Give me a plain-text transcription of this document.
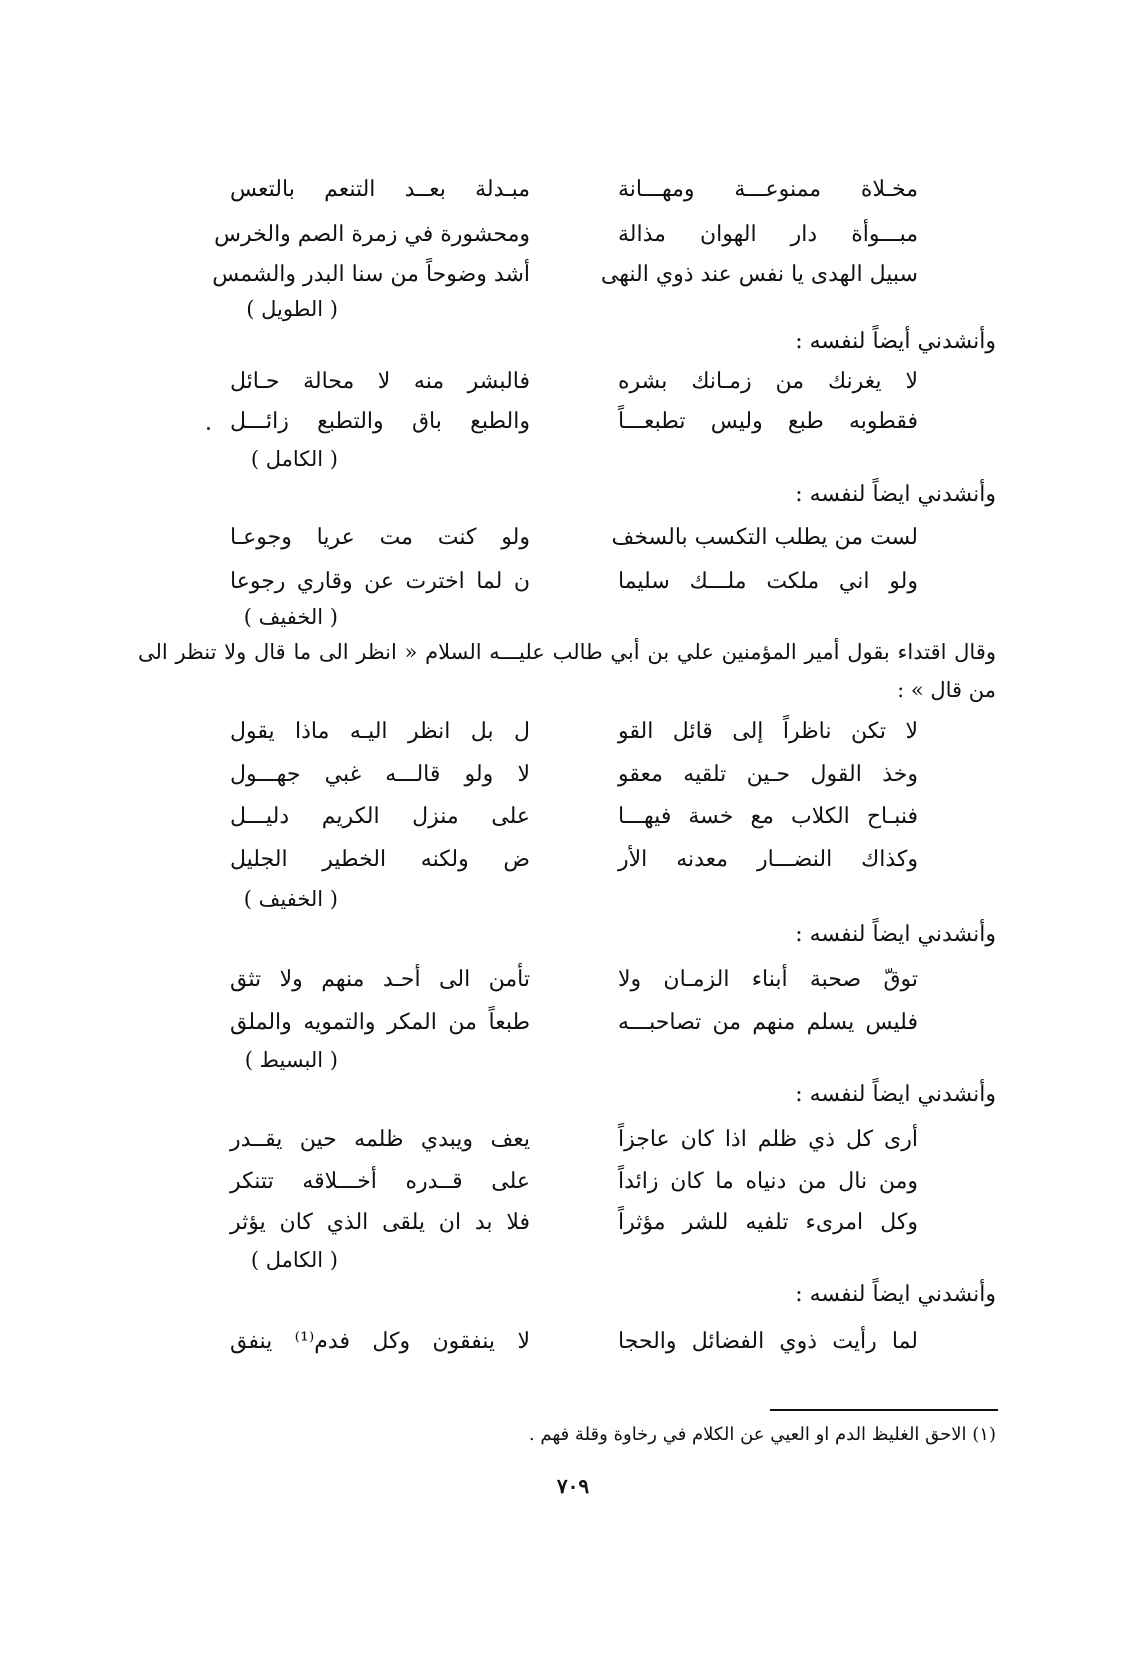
مخـلاة ممنوعـــة ومهـــانة
مبـدلة بعــد التنعم بالتعس
مبـــوأة دار الهوان مذالة
ومحشورة في زمرة الصم والخرس
سبيل الهدى يا نفس عند ذوي النهى
أشد وضوحاً من سنا البدر والشمس
( الطويل )
وأنشدني أيضاً لنفسه :
لا يغرنك من زمـانك بشره
فالبشر منه لا محالة حـائل
فقطوبه طبع وليس تطبعـــاً
والطبع باق والتطبع زائـــل
( الكامل )
وأنشدني ايضاً لنفسه :
لست من يطلب التكسب بالسخف
ولو كنت مت عريا وجوعـا
ولو اني ملكت ملـــك سليما
ن لما اخترت عن وقاري رجوعا
( الخفيف )
وقال اقتداء بقول أمير المؤمنين علي بن أبي طالب عليـــه السلام « انظر الى ما قال ولا تنظر الى من قال » :
لا تكن ناظراً إلى قائل القو
ل بل انظر اليـه ماذا يقول
وخذ القول حـين تلقيه معقو
لا ولو قالـــه غبي جهـــول
فنبـاح الكلاب مع خسة فيهـــا
على منزل الكريم دليـــل
وكذاك النضـــار معدنه الأر
ض ولكنه الخطير الجليل
( الخفيف )
وأنشدني ايضاً لنفسه :
توقّ صحبة أبناء الزمـان ولا
تأمن الى أحـد منهم ولا تثق
فليس يسلم منهم من تصاحبـــه
طبعاً من المكر والتمويه والملق
( البسيط )
وأنشدني ايضاً لنفسه :
أرى كل ذي ظلم اذا كان عاجزاً
يعف ويبدي ظلمه حين يقــدر
ومن نال من دنياه ما كان زائداً
على قــدره أخـــلاقه تتنكر
وكل امرىء تلفيه للشر مؤثراً
فلا بد ان يلقى الذي كان يؤثر
( الكامل )
وأنشدني ايضاً لنفسه :
لما رأيت ذوي الفضائل والحجا
لا ينفقون وكل فدم⁽¹⁾ ينفق
(١) الاحق الغليظ الدم او العيي عن الكلام في رخاوة وقلة فهم .
٧٠٩
